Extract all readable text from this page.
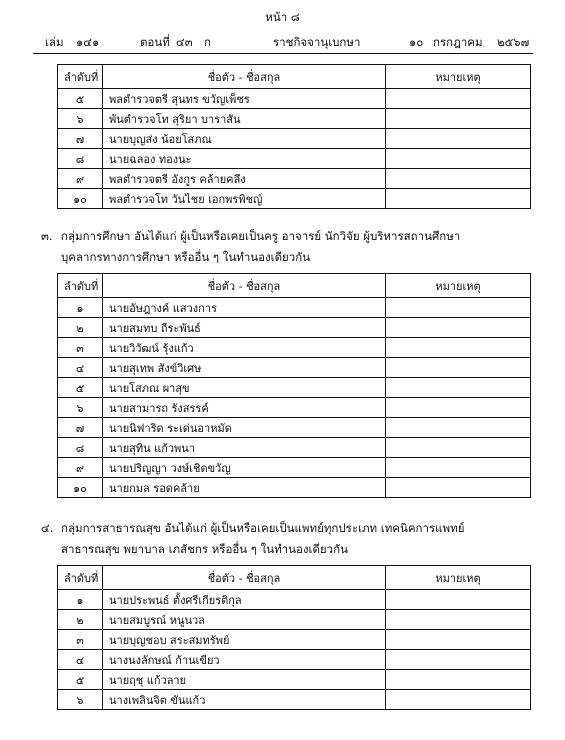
หน้า ๘
เล่ม ๑๔๑	ตอนที่ ๔๓ ก	ราชกิจจานุเบกษา	๑๐ กรกฎาคม ๒๕๖๗
ลำดับที่	ชื่อตัว - ชื่อสกุล	หมายเหตุ
๕	พลตำรวจตรี สุนทร ขวัญเพ็ชร	
๖	พันตำรวจโท สุริยา บาราสัน	
๗	นายบุญส่ง น้อยโสภณ	
๘	นายฉลอง ทองนะ	
๙	พลตำรวจตรี อังกูร คล้ายคลึง	
๑๐	พลตำรวจโท วันไชย เอกพรพิชญ์	
๓. กลุ่มการศึกษา อันได้แก่ ผู้เป็นหรือเคยเป็นครู อาจารย์ นักวิจัย ผู้บริหารสถานศึกษา
บุคลากรทางการศึกษา หรืออื่น ๆ ในทำนองเดียวกัน
ลำดับที่	ชื่อตัว - ชื่อสกุล	หมายเหตุ
๑	นายอัษฎางค์ แสวงการ	
๒	นายสมทบ ถีระพันธ์	
๓	นายวิวัฒน์ รุ้งแก้ว	
๔	นายสุเทพ สังข์วิเศษ	
๕	นายโสภณ ผาสุข	
๖	นายสามารถ รังสรรค์	
๗	นายนิฟาริด ระเด่นอาหมัด	
๘	นายสุทิน แก้วพนา	
๙	นายปริญญา วงษ์เชิดขวัญ	
๑๐	นายกมล รอดคล้าย	
๔. กลุ่มการสาธารณสุข อันได้แก่ ผู้เป็นหรือเคยเป็นแพทย์ทุกประเภท เทคนิคการแพทย์
สาธารณสุข พยาบาล เภสัชกร หรืออื่น ๆ ในทำนองเดียวกัน
ลำดับที่	ชื่อตัว - ชื่อสกุล	หมายเหตุ
๑	นายประพนธ์ ตั้งศรีเกียรติกุล	
๒	นายสมบูรณ์ หนูนวล	
๓	นายบุญชอบ สระสมทรัพย์	
๔	นางนงลักษณ์ ก้านเขียว	
๕	นายฤชุ แก้วลาย	
๖	นางเพลินจิต ขันแก้ว	
